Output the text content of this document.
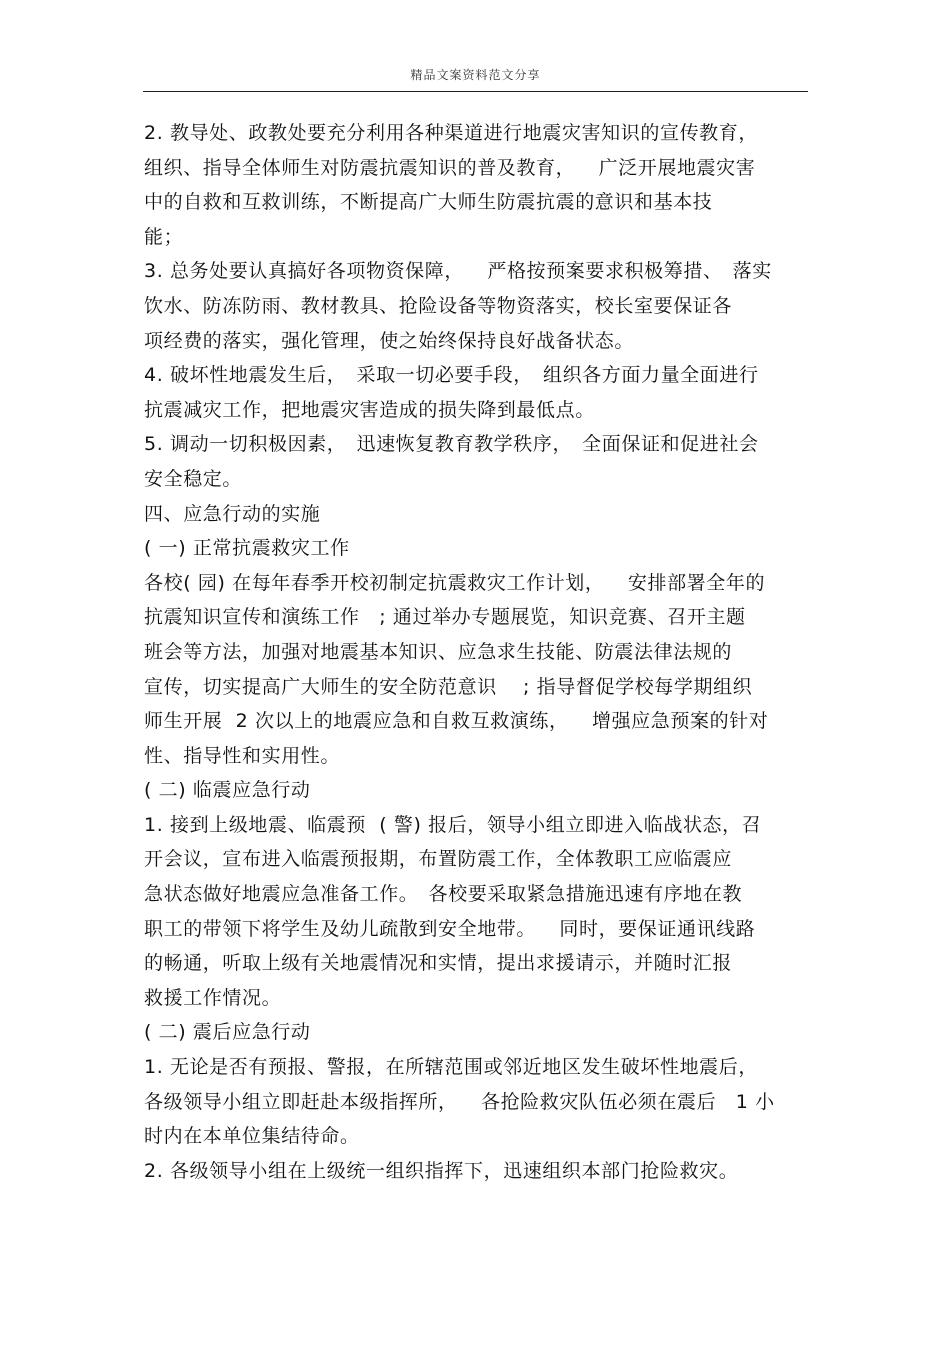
精品文案资料范文分享
2. 教导处、政教处要充分利用各种渠道进行地震灾害知识的宣传教育，
组织、指导全体师生对防震抗震知识的普及教育，　  广泛开展地震灾害
中的自救和互救训练，不断提高广大师生防震抗震的意识和基本技
能；
3. 总务处要认真搞好各项物资保障，　  严格按预案要求积极筹措、　落实
饮水、防冻防雨、教材教具、抢险设备等物资落实，校长室要保证各
项经费的落实，强化管理，使之始终保持良好战备状态。
4. 破坏性地震发生后，　采取一切必要手段，　组织各方面力量全面进行
抗震减灾工作，把地震灾害造成的损失降到最低点。
5. 调动一切积极因素，　迅速恢复教育教学秩序，　全面保证和促进社会
安全稳定。
四、应急行动的实施
( 一) 正常抗震救灾工作
各校( 园) 在每年春季开校初制定抗震救灾工作计划，　  安排部署全年的
抗震知识宣传和演练工作　; 通过举办专题展览，知识竞赛、召开主题
班会等方法，加强对地震基本知识、应急求生技能、防震法律法规的
宣传，切实提高广大师生的安全防范意识　 ; 指导督促学校每学期组织
师生开展  2 次以上的地震应急和自救互救演练，　  增强应急预案的针对
性、指导性和实用性。
( 二) 临震应急行动
1. 接到上级地震、临震预  ( 警) 报后，领导小组立即进入临战状态，召
开会议，宣布进入临震预报期，布置防震工作，全体教职工应临震应
急状态做好地震应急准备工作。　各校要采取紧急措施迅速有序地在教
职工的带领下将学生及幼儿疏散到安全地带。　  同时，要保证通讯线路
的畅通，听取上级有关地震情况和实情，提出求援请示，并随时汇报
救援工作情况。
( 二) 震后应急行动
1. 无论是否有预报、警报，在所辖范围或邻近地区发生破坏性地震后，
各级领导小组立即赶赴本级指挥所，　  各抢险救灾队伍必须在震后　1 小
时内在本单位集结待命。
2. 各级领导小组在上级统一组织指挥下，迅速组织本部门抢险救灾。
